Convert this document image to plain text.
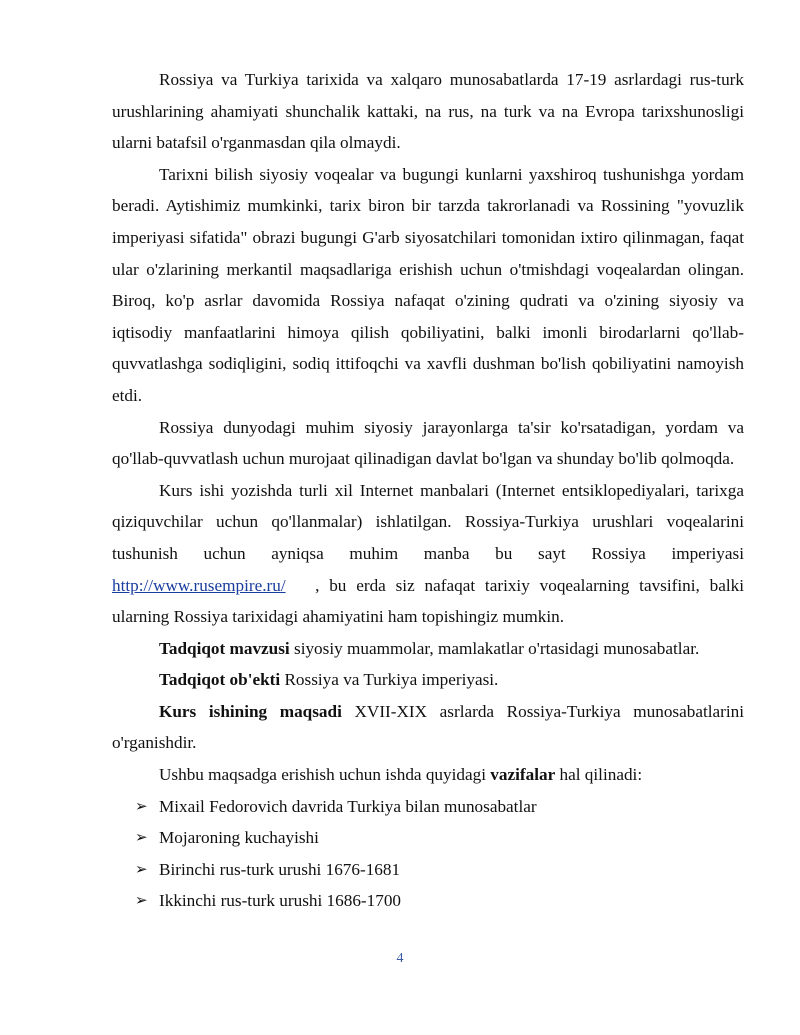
Rossiya va Turkiya tarixida va xalqaro munosabatlarda 17-19 asrlardagi rus-turk urushlarining ahamiyati shunchalik kattaki, na rus, na turk va na Evropa tarixshunosligi ularni batafsil o'rganmasdan qila olmaydi.

Tarixni bilish siyosiy voqealar va bugungi kunlarni yaxshiroq tushunishga yordam beradi. Aytishimiz mumkinki, tarix biron bir tarzda takrorlanadi va Rossining "yovuzlik imperiyasi sifatida" obrazi bugungi G'arb siyosatchilari tomonidan ixtiro qilinmagan, faqat ular o'zlarining merkantil maqsadlariga erishish uchun o'tmishdagi voqealardan olingan. Biroq, ko'p asrlar davomida Rossiya nafaqat o'zining qudrati va o'zining siyosiy va iqtisodiy manfaatlarini himoya qilish qobiliyatini, balki imonli birodarlarni qo'llab-quvvatlashga sodiqligini, sodiq ittifoqchi va xavfli dushman bo'lish qobiliyatini namoyish etdi.

Rossiya dunyodagi muhim siyosiy jarayonlarga ta'sir ko'rsatadigan, yordam va qo'llab-quvvatlash uchun murojaat qilinadigan davlat bo'lgan va shunday bo'lib qolmoqda.

Kurs ishi yozishda turli xil Internet manbalari (Internet entsiklopediyalari, tarixga qiziquvchilar uchun qo'llanmalar) ishlatilgan. Rossiya-Turkiya urushlari voqealarini tushunish uchun ayniqsa muhim manba bu sayt Rossiya imperiyasi http://www.rusempire.ru/   , bu erda siz nafaqat tarixiy voqealarning tavsifini, balki ularning Rossiya tarixidagi ahamiyatini ham topishingiz mumkin.

Tadqiqot mavzusi siyosiy muammolar, mamlakatlar o'rtasidagi munosabatlar.

Tadqiqot ob'ekti Rossiya va Turkiya imperiyasi.

Kurs ishining maqsadi XVII-XIX asrlarda Rossiya-Turkiya munosabatlarini o'rganishdir.

Ushbu maqsadga erishish uchun ishda quyidagi vazifalar hal qilinadi:

➢ Mixail Fedorovich davrida Turkiya bilan munosabatlar
➢ Mojaroning kuchayishi
➢ Birinchi rus-turk urushi 1676-1681
➢ Ikkinchi rus-turk urushi 1686-1700
4
